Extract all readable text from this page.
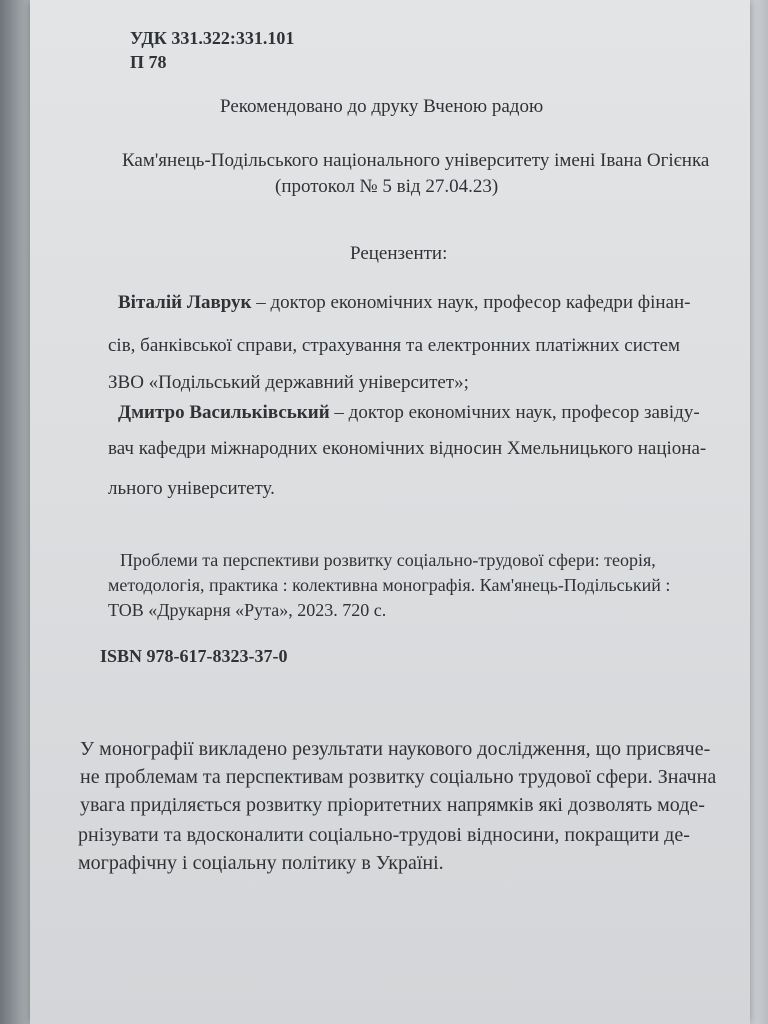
УДК 331.322:331.101
П 78
Рекомендовано до друку Вченою радою
Кам'янець-Подільського національного університету імені Івана Огієнка
(протокол № 5 від 27.04.23)
Рецензенти:
Віталій Лаврук – доктор економічних наук, професор кафедри фінан-
сів, банківської справи, страхування та електронних платіжних систем
ЗВО «Подільський державний університет»;
Дмитро Васильківський – доктор економічних наук, професор завіду-
вач кафедри міжнародних економічних відносин Хмельницького націона-
льного університету.
Проблеми та перспективи розвитку соціально-трудової сфери: теорія,
методологія, практика : колективна монографія. Кам'янець-Подільський :
ТОВ «Друкарня «Рута», 2023. 720 с.
ISBN 978-617-8323-37-0
У монографії викладено результати наукового дослідження, що присвяче-
не проблемам та перспективам розвитку соціально трудової сфери. Значна
увага приділяється розвитку пріоритетних напрямків які дозволять моде-
рнізувати та вдосконалити соціально-трудові відносини, покращити де-
мографічну і соціальну політику в Україні.
